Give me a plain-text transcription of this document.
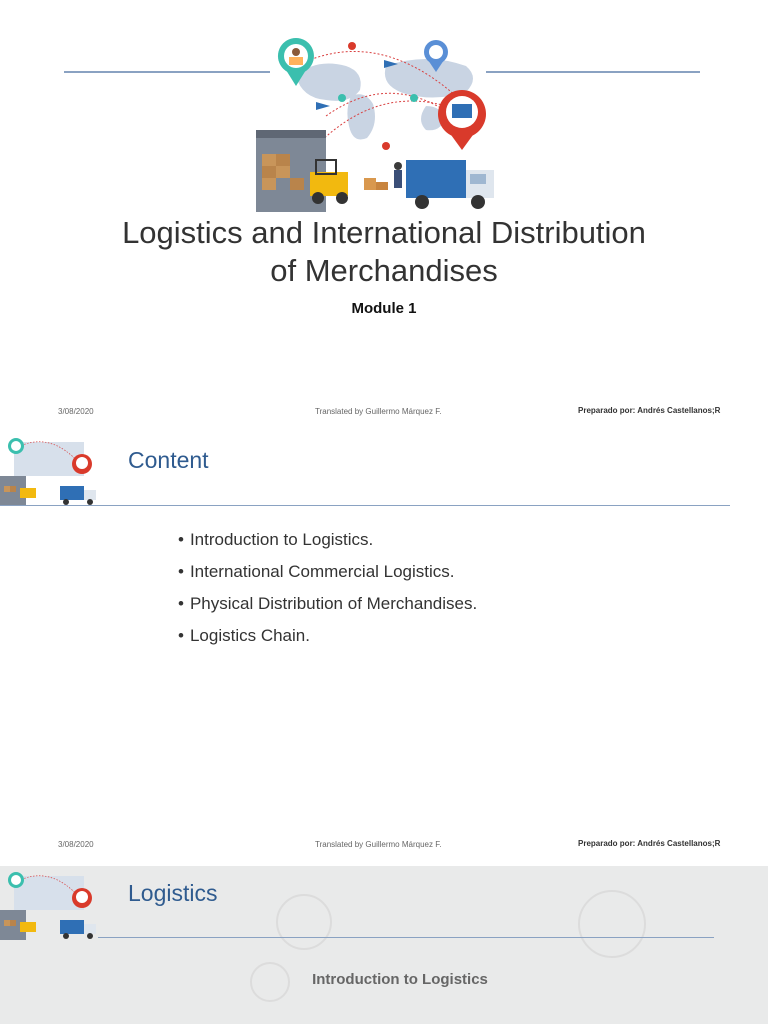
Logistics and International Distribution
of Merchandises
Module 1
3/08/2020	Translated by Guillermo Márquez F.	Preparado por: Andrés Castellanos;R
Content
• Introduction to Logistics.
• International Commercial Logistics.
• Physical Distribution of Merchandises.
• Logistics Chain.
3/08/2020	Translated by Guillermo Márquez F.	Preparado por: Andrés Castellanos;R
Logistics
Introduction to Logistics
